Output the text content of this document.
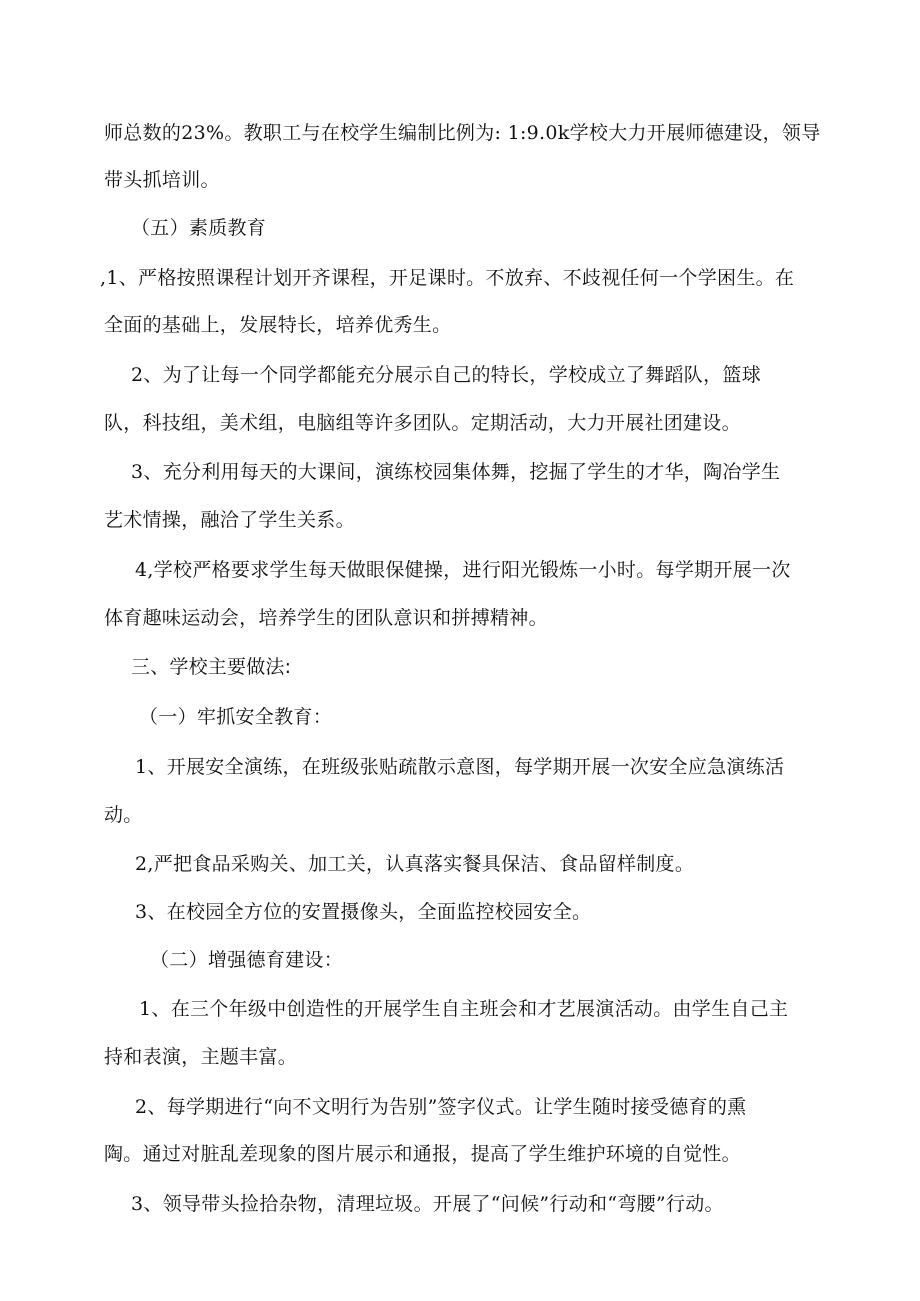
师总数的23%。教职工与在校学生编制比例为: 1:9.0k学校大力开展师德建设，领导
带头抓培训。
（五）素质教育
,1、严格按照课程计划开齐课程，开足课时。不放弃、不歧视任何一个学困生。在
全面的基础上，发展特长，培养优秀生。
2、为了让每一个同学都能充分展示自己的特长，学校成立了舞蹈队，篮球
队，科技组，美术组，电脑组等许多团队。定期活动，大力开展社团建设。
3、充分利用每天的大课间，演练校园集体舞，挖掘了学生的才华，陶冶学生
艺术情操，融洽了学生关系。
4,学校严格要求学生每天做眼保健操，进行阳光锻炼一小时。每学期开展一次
体育趣味运动会，培养学生的团队意识和拼搏精神。
三、学校主要做法:
（一）牢抓安全教育：
1、开展安全演练，在班级张贴疏散示意图，每学期开展一次安全应急演练活
动。
2,严把食品采购关、加工关，认真落实餐具保洁、食品留样制度。
3、在校园全方位的安置摄像头，全面监控校园安全。
（二）增强德育建设：
1、在三个年级中创造性的开展学生自主班会和才艺展演活动。由学生自己主
持和表演，主题丰富。
2、每学期进行“向不文明行为告别”签字仪式。让学生随时接受德育的熏
陶。通过对脏乱差现象的图片展示和通报，提高了学生维护环境的自觉性。
3、领导带头捡拾杂物，清理垃圾。开展了“问候”行动和“弯腰”行动。
